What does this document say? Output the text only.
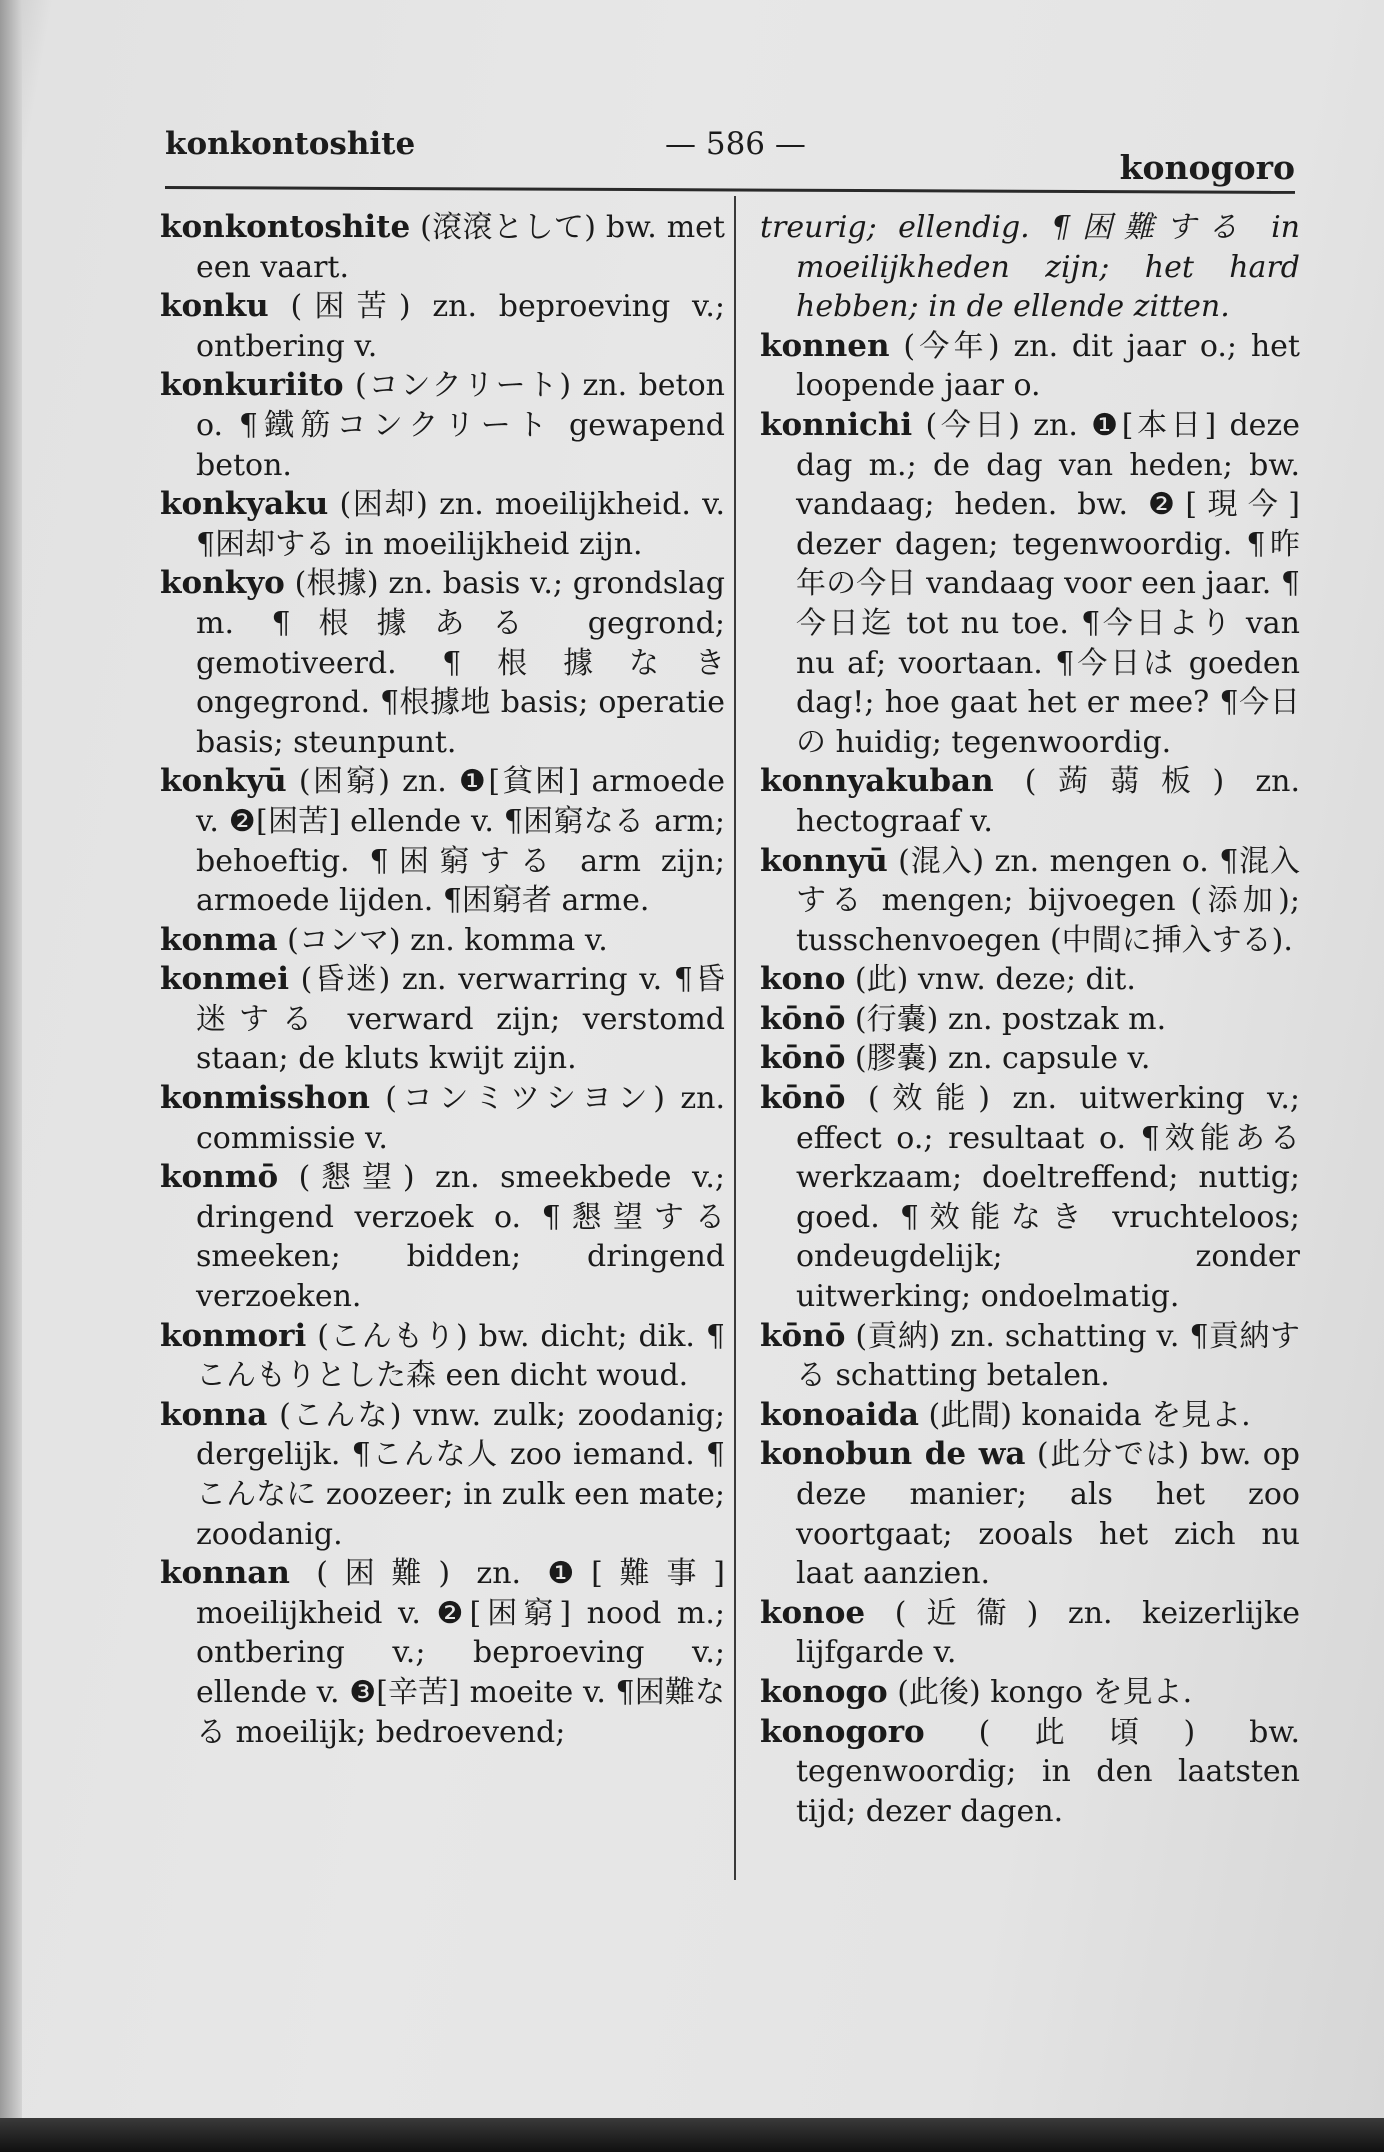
konkontoshite	— 586 —
konogoro

konkontoshite (滾滾として) bw. met een vaart.

konku (困苦) zn. beproeving v.; ontbering v.

konkuriito (コンクリート) zn. beton o. ¶鐵筋コンクリート gewapend beton.

konkyaku (困却) zn. moeilijkheid. v. ¶困却する in moeilijkheid zijn.

konkyo (根據) zn. basis v.; grondslag m. ¶根據ある gegrond; gemotiveerd. ¶根據なき ongegrond. ¶根據地 basis; operatie basis; steunpunt.

konkyū (困窮) zn. ❶[貧困] armoede v. ❷[困苦] ellende v. ¶困窮なる arm; behoeftig. ¶困窮する arm zijn; armoede lijden. ¶困窮者 arme.

konma (コンマ) zn. komma v.

konmei (昏迷) zn. verwarring v. ¶昏迷する verward zijn; verstomd staan; de kluts kwijt zijn.

konmisshon (コンミツシヨン) zn. commissie v.

konmō (懇望) zn. smeekbede v.; dringend verzoek o. ¶懇望する smeeken; bidden; dringend verzoeken.

konmori (こんもり) bw. dicht; dik. ¶こんもりとした森 een dicht woud.

konna (こんな) vnw. zulk; zoodanig; dergelijk. ¶こんな人 zoo iemand. ¶こんなに zoozeer; in zulk een mate; zoodanig.

konnan (困難) zn. ❶[難事] moeilijkheid v. ❷[困窮] nood m.; ontbering v.; beproeving v.; ellende v. ❸[辛苦] moeite v. ¶困難なる moeilijk; bedroevend;

treurig; ellendig. ¶困難する in moeilijkheden zijn; het hard hebben; in de ellende zitten.

konnen (今年) zn. dit jaar o.; het loopende jaar o.

konnichi (今日) zn. ❶[本日] deze dag m.; de dag van heden; bw. vandaag; heden. bw. ❷[現今] dezer dagen; tegenwoordig. ¶昨年の今日 vandaag voor een jaar. ¶今日迄 tot nu toe. ¶今日より van nu af; voortaan. ¶今日は goeden dag!; hoe gaat het er mee? ¶今日の huidig; tegenwoordig.

konnyakuban (蒟蒻板) zn. hectograaf v.

konnyū (混入) zn. mengen o. ¶混入する mengen; bijvoegen (添加); tusschenvoegen (中間に挿入する).

kono (此) vnw. deze; dit.

kōnō (行嚢) zn. postzak m.

kōnō (膠嚢) zn. capsule v.

kōnō (效能) zn. uitwerking v.; effect o.; resultaat o. ¶效能ある werkzaam; doeltreffend; nuttig; goed. ¶效能なき vruchteloos; ondeugdelijk; zonder uitwerking; ondoelmatig.

kōnō (貢納) zn. schatting v. ¶貢納する schatting betalen.

konoaida (此間) konaida を見よ.

konobun de wa (此分では) bw. op deze manier; als het zoo voortgaat; zooals het zich nu laat aanzien.

konoe (近衞) zn. keizerlijke lijfgarde v.

konogo (此後) kongo を見よ.

konogoro (此頃) bw. tegenwoordig; in den laatsten tijd; dezer dagen.
